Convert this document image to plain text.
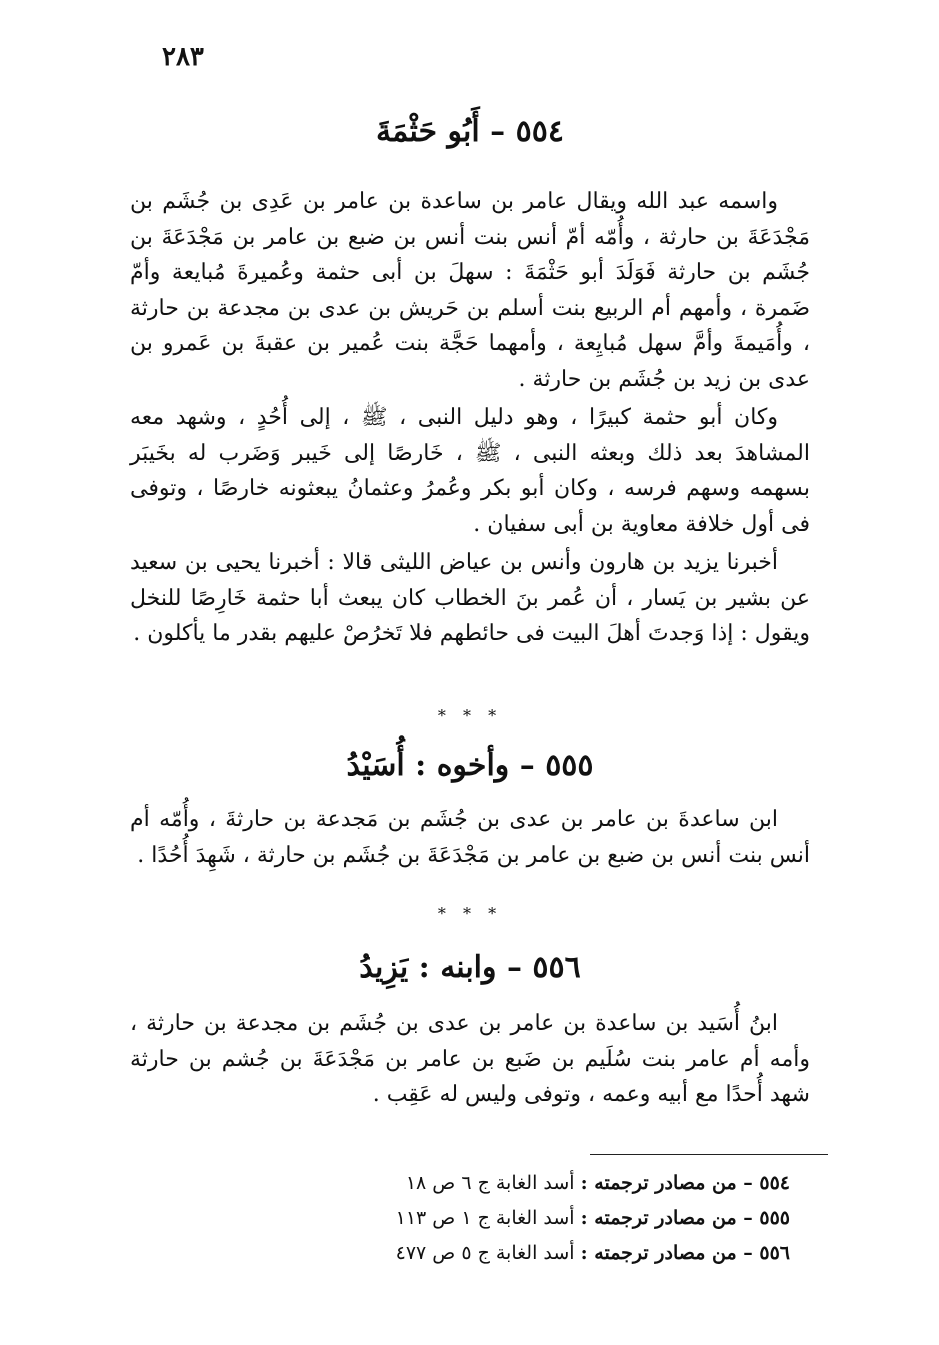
٢٨٣
٥٥٤ – أَبُو حَثْمَةَ

واسمه عبد الله ويقال عامر بن ساعدة بن عامر بن عَدِى بن جُشَم بن مَجْدَعَةَ بن حارثة ، وأُمّه أمّ أنس بنت أنس بن ضبع بن عامر بن مَجْدَعَةَ بن جُشَم بن حارثة فَوَلَدَ أبو حَثْمَةَ : سهلَ بن أبى حثمة وعُميرةَ مُبايعة وأمّ ضَمرة ، وأمهم أم الربيع بنت أسلم بن حَريش بن عدى بن مجدعة بن حارثة ، وأُمَيمةَ وأمَّ سهل مُبايِعة ، وأمهما حَجَّة بنت عُمير بن عقبةَ بن عَمرو بن عدى بن زيد بن جُشَم بن حارثة .

وكان أبو حثمة كبيرًا ، وهو دليل النبى ، ﷺ ، إلى أُحُدٍ ، وشهد معه المشاهدَ بعد ذلك وبعثه النبى ، ﷺ ، خَارصًا إلى خَيبر وَضَرب له بخَيبَر بسهمه وسهم فرسه ، وكان أبو بكر وعُمرُ وعثمانُ يبعثونه خارصًا ، وتوفى فى أول خلافة معاوية بن أبى سفيان .

أخبرنا يزيد بن هارون وأنس بن عياض الليثى قالا : أخبرنا يحيى بن سعيد عن بشير بن يَسار ، أن عُمر بنَ الخطاب كان يبعث أبا حثمة خَارِصًا للنخل ويقول : إذا وَجدتَ أهلَ البيت فى حائطهم فلا تَخرُصْ عليهم بقدر ما يأكلون .

* * *
٥٥٥ – وأخوه : أُسَيْدُ

ابن ساعدةَ بن عامر بن عدى بن جُشَم بن مَجدعة بن حارثةَ ، وأُمّه أم أنس بنت أنس بن ضبع بن عامر بن مَجْدَعَةَ بن جُشَم بن حارثة ، شَهِدَ أُحُدًا .

* * *
٥٥٦ – وابنه : يَزِيدُ

ابنُ أُسَيد بن ساعدة بن عامر بن عدى بن جُشَم بن مجدعة بن حارثة ، وأمه أم عامر بنت سُلَيم بن ضَبع بن عامر بن مَجْدَعَةَ بن جُشم بن حارثة شهد أُحدًا مع أبيه وعمه ، وتوفى وليس له عَقِب .

٥٥٤ – من مصادر ترجمته : أسد الغابة ج ٦ ص ١٨
٥٥٥ – من مصادر ترجمته : أسد الغابة ج ١ ص ١١٣
٥٥٦ – من مصادر ترجمته : أسد الغابة ج ٥ ص ٤٧٧
